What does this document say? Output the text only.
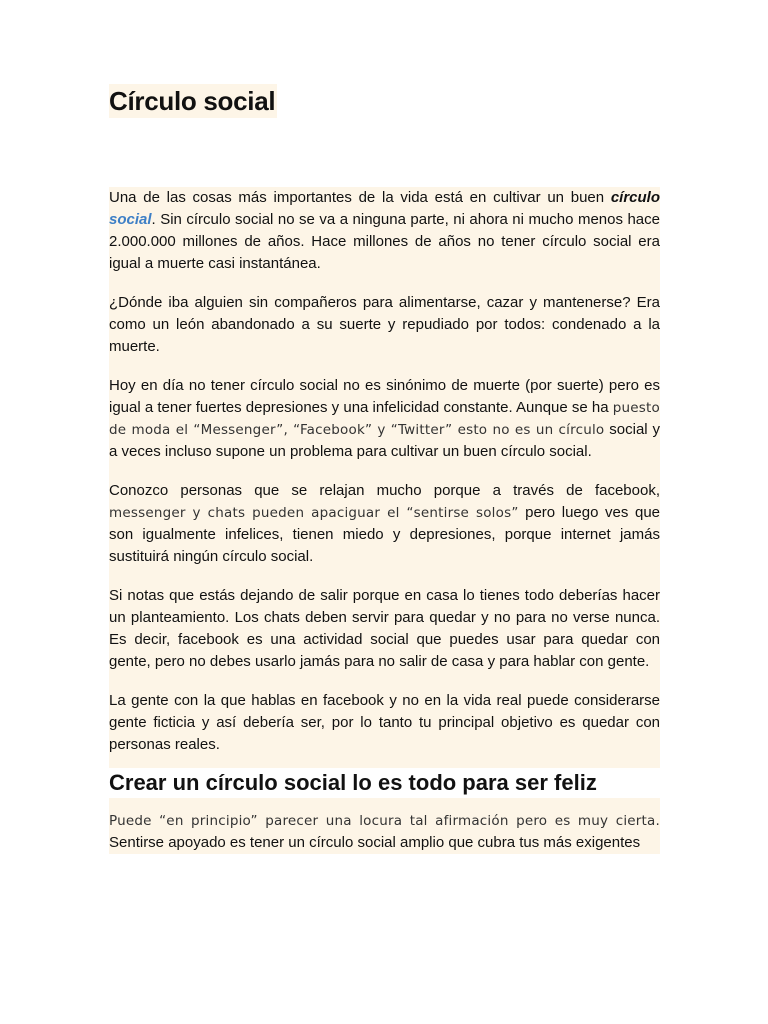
Círculo social

Una de las cosas más importantes de la vida está en cultivar un buen círculo social. Sin círculo social no se va a ninguna parte, ni ahora ni mucho menos hace 2.000.000 millones de años. Hace millones de años no tener círculo social era igual a muerte casi instantánea.

¿Dónde iba alguien sin compañeros para alimentarse, cazar y mantenerse? Era como un león abandonado a su suerte y repudiado por todos: condenado a la muerte.

Hoy en día no tener círculo social no es sinónimo de muerte (por suerte) pero es igual a tener fuertes depresiones y una infelicidad constante. Aunque se ha puesto de moda el “Messenger”, “Facebook” y “Twitter” esto no es un círculo social y a veces incluso supone un problema para cultivar un buen círculo social.

Conozco personas que se relajan mucho porque a través de facebook, messenger y chats pueden apaciguar el “sentirse solos” pero luego ves que son igualmente infelices, tienen miedo y depresiones, porque internet jamás sustituirá ningún círculo social.

Si notas que estás dejando de salir porque en casa lo tienes todo deberías hacer un planteamiento. Los chats deben servir para quedar y no para no verse nunca. Es decir, facebook es una actividad social que puedes usar para quedar con gente, pero no debes usarlo jamás para no salir de casa y para hablar con gente.

La gente con la que hablas en facebook y no en la vida real puede considerarse gente ficticia y así debería ser, por lo tanto tu principal objetivo es quedar con personas reales.

Crear un círculo social lo es todo para ser feliz

Puede “en principio” parecer una locura tal afirmación pero es muy cierta. Sentirse apoyado es tener un círculo social amplio que cubra tus más exigentes
